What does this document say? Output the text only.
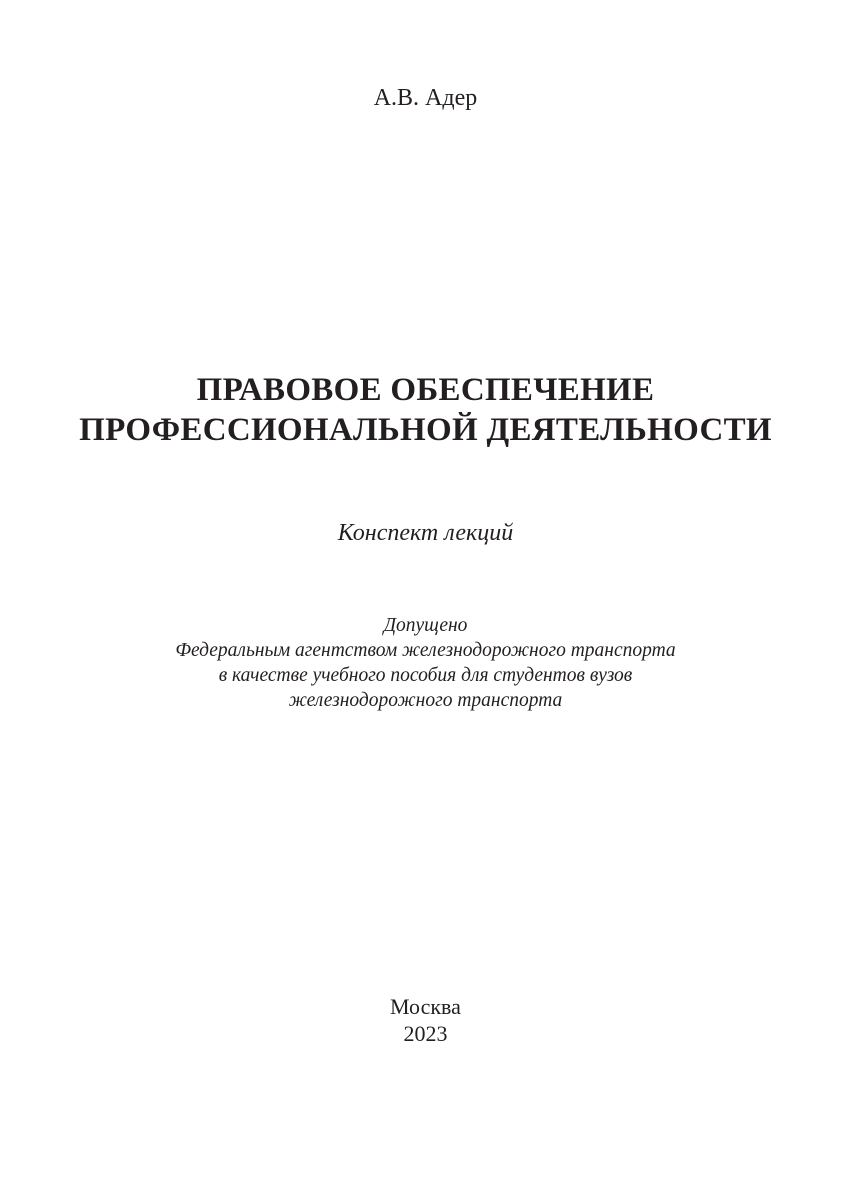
А.В. Адер
ПРАВОВОЕ ОБЕСПЕЧЕНИЕ
ПРОФЕССИОНАЛЬНОЙ ДЕЯТЕЛЬНОСТИ
Конспект лекций
Допущено
Федеральным агентством железнодорожного транспорта
в качестве учебного пособия для студентов вузов
железнодорожного транспорта
Москва
2023
